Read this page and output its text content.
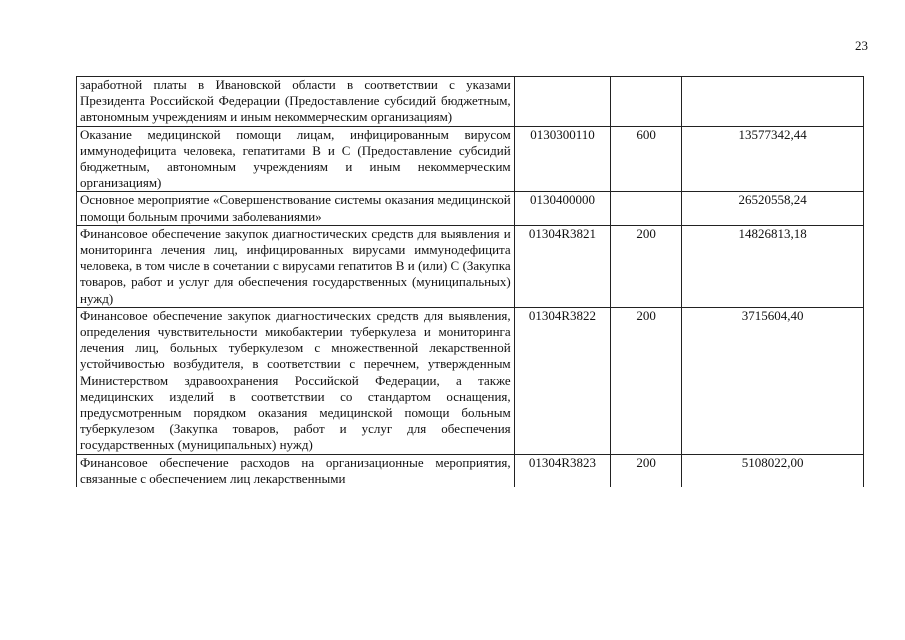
23
заработной платы в Ивановской области в соответствии с указами Президента Российской Федерации (Предоставление субсидий бюджетным, автономным учреждениям и иным некоммерческим организациям)			
Оказание медицинской помощи лицам, инфицированным вирусом иммунодефицита человека, гепатитами B и C (Предоставление субсидий бюджетным, автономным учреждениям и иным некоммерческим организациям)	0130300110	600	13577342,44
Основное мероприятие «Совершенствование системы оказания медицинской помощи больным прочими заболеваниями»	0130400000		26520558,24
Финансовое обеспечение закупок диагностических средств для выявления и мониторинга лечения лиц, инфицированных вирусами иммунодефицита человека, в том числе в сочетании с вирусами гепатитов B и (или) C (Закупка товаров, работ и услуг для обеспечения государственных (муниципальных) нужд)	01304R3821	200	14826813,18
Финансовое обеспечение закупок диагностических средств для выявления, определения чувствительности микобактерии туберкулеза и мониторинга лечения лиц, больных туберкулезом с множественной лекарственной устойчивостью возбудителя, в соответствии с перечнем, утвержденным Министерством здравоохранения Российской Федерации, а также медицинских изделий в соответствии со стандартом оснащения, предусмотренным порядком оказания медицинской помощи больным туберкулезом (Закупка товаров, работ и услуг для обеспечения государственных (муниципальных) нужд)	01304R3822	200	3715604,40
Финансовое обеспечение расходов на организационные мероприятия, связанные с обеспечением лиц лекарственными	01304R3823	200	5108022,00
